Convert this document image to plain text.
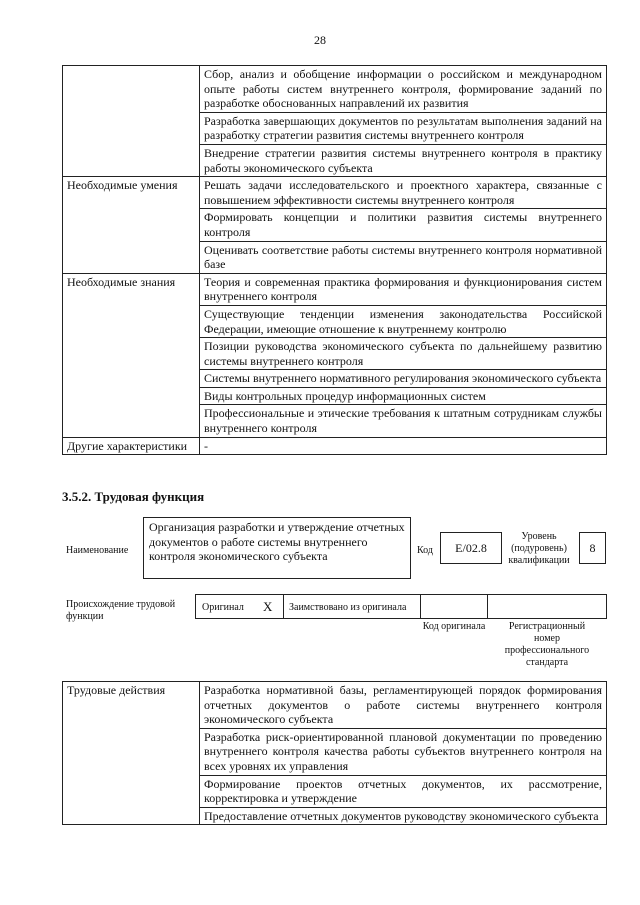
28
	Сбор, анализ и обобщение информации о российском и международном опыте работы систем внутреннего контроля, формирование заданий по разработке обоснованных направлений их развития
	Разработка завершающих документов по результатам выполнения заданий на разработку стратегии развития системы внутреннего контроля
	Внедрение стратегии развития системы внутреннего контроля в практику работы экономического субъекта
Необходимые умения	Решать задачи исследовательского и проектного характера, связанные с повышением эффективности системы внутреннего контроля
	Формировать концепции и политики развития системы внутреннего контроля
	Оценивать соответствие работы системы внутреннего контроля нормативной базе
Необходимые знания	Теория и современная практика формирования и функционирования систем внутреннего контроля
	Существующие тенденции изменения законодательства Российской Федерации, имеющие отношение к внутреннему контролю
	Позиции руководства экономического субъекта по дальнейшему развитию системы внутреннего контроля
	Системы внутреннего нормативного регулирования экономического субъекта
	Виды контрольных процедур информационных систем
	Профессиональные и этические требования к штатным сотрудникам службы внутреннего контроля
Другие характеристики	-
3.5.2. Трудовая функция
Наименование
Организация разработки и утверждение отчетных документов о работе системы внутреннего контроля экономического субъекта	Код	E/02.8
Уровень (подуровень) квалификации
8
Происхождение трудовой функции
Оригинал X Заимствовано из оригинала
Код оригинала	Регистрационный номер профессионального стандарта
Трудовые действия	Разработка нормативной базы, регламентирующей порядок формирования отчетных документов о работе системы внутреннего контроля экономического субъекта
Разработка риск-ориентированной плановой документации по проведению внутреннего контроля качества работы субъектов внутреннего контроля на всех уровнях их управления
Формирование проектов отчетных документов, их рассмотрение, корректировка и утверждение
Предоставление отчетных документов руководству экономического субъекта
